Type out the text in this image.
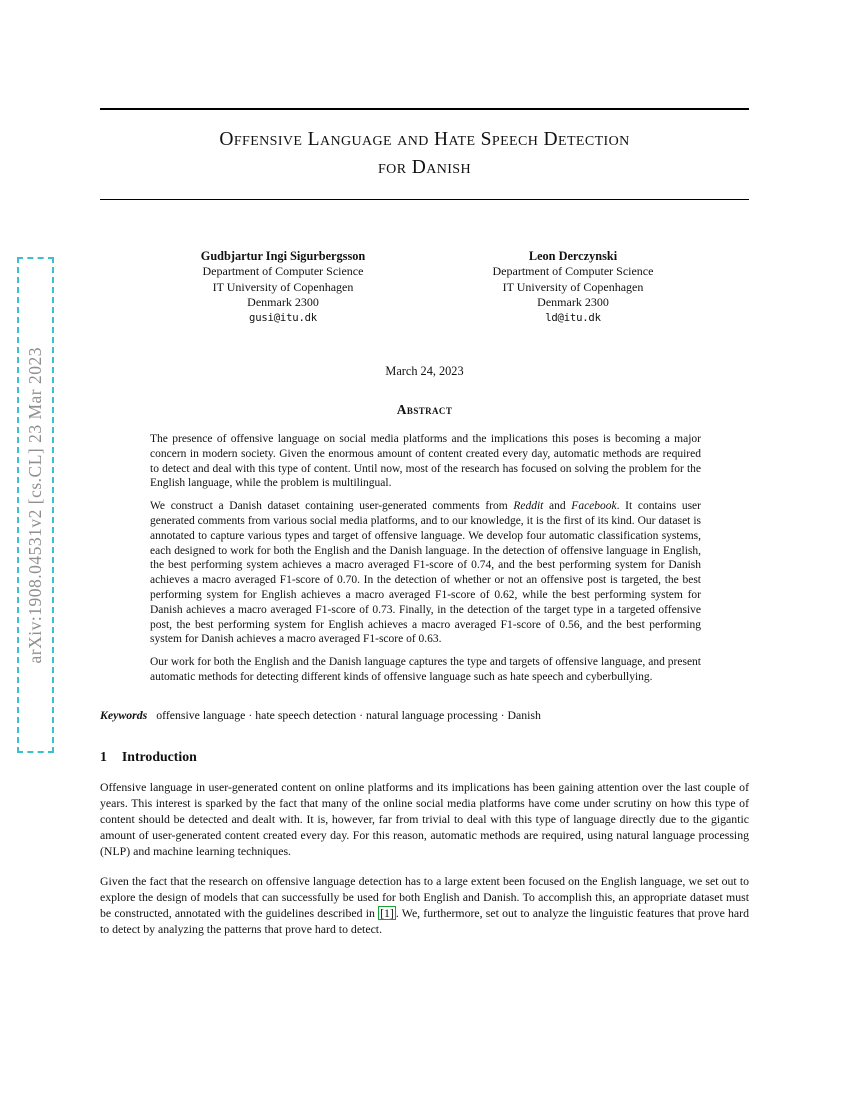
arXiv:1908.04531v2 [cs.CL] 23 Mar 2023
Offensive Language and Hate Speech Detection
for Danish
Gudbjartur Ingi Sigurbergsson
Department of Computer Science
IT University of Copenhagen
Denmark 2300
gusi@itu.dk
Leon Derczynski
Department of Computer Science
IT University of Copenhagen
Denmark 2300
ld@itu.dk
March 24, 2023
Abstract

The presence of offensive language on social media platforms and the implications this poses is becoming a major concern in modern society. Given the enormous amount of content created every day, automatic methods are required to detect and deal with this type of content. Until now, most of the research has focused on solving the problem for the English language, while the problem is multilingual.

We construct a Danish dataset containing user-generated comments from Reddit and Facebook. It contains user generated comments from various social media platforms, and to our knowledge, it is the first of its kind. Our dataset is annotated to capture various types and target of offensive language. We develop four automatic classification systems, each designed to work for both the English and the Danish language. In the detection of offensive language in English, the best performing system achieves a macro averaged F1-score of 0.74, and the best performing system for Danish achieves a macro averaged F1-score of 0.70. In the detection of whether or not an offensive post is targeted, the best performing system for English achieves a macro averaged F1-score of 0.62, while the best performing system for Danish achieves a macro averaged F1-score of 0.73. Finally, in the detection of the target type in a targeted offensive post, the best performing system for English achieves a macro averaged F1-score of 0.56, and the best performing system for Danish achieves a macro averaged F1-score of 0.63.

Our work for both the English and the Danish language captures the type and targets of offensive language, and present automatic methods for detecting different kinds of offensive language such as hate speech and cyberbullying.

Keywords offensive language · hate speech detection · natural language processing · Danish
1 Introduction

Offensive language in user-generated content on online platforms and its implications has been gaining attention over the last couple of years. This interest is sparked by the fact that many of the online social media platforms have come under scrutiny on how this type of content should be detected and dealt with. It is, however, far from trivial to deal with this type of language directly due to the gigantic amount of user-generated content created every day. For this reason, automatic methods are required, using natural language processing (NLP) and machine learning techniques.

Given the fact that the research on offensive language detection has to a large extent been focused on the English language, we set out to explore the design of models that can successfully be used for both English and Danish. To accomplish this, an appropriate dataset must be constructed, annotated with the guidelines described in [1] . We, furthermore, set out to analyze the linguistic features that prove hard to detect by analyzing the patterns that prove hard to detect.
